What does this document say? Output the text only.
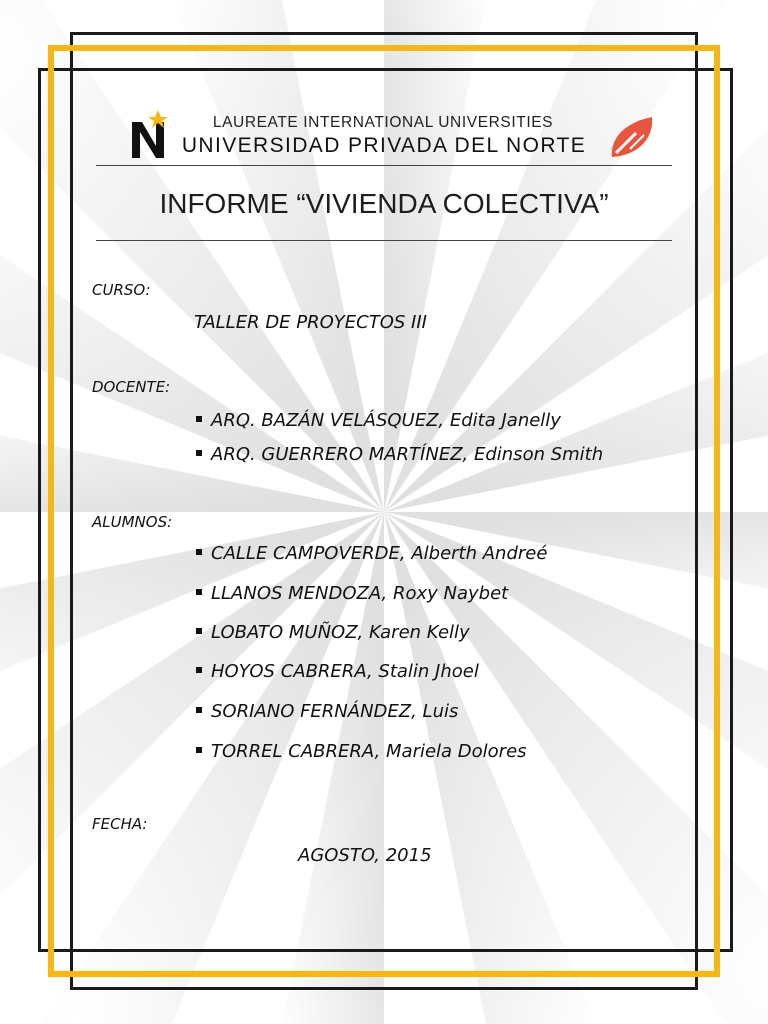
LAUREATE INTERNATIONAL UNIVERSITIES
UNIVERSIDAD PRIVADA DEL NORTE
INFORME “VIVIENDA COLECTIVA”
CURSO:
TALLER DE PROYECTOS III
DOCENTE:
ARQ. BAZÁN VELÁSQUEZ, Edita Janelly
ARQ. GUERRERO MARTÍNEZ, Edinson Smith
ALUMNOS:
CALLE CAMPOVERDE, Alberth Andreé
LLANOS MENDOZA, Roxy Naybet
LOBATO MUÑOZ, Karen Kelly
HOYOS CABRERA, Stalin Jhoel
SORIANO FERNÁNDEZ, Luis
TORREL CABRERA, Mariela Dolores
FECHA:
AGOSTO, 2015
